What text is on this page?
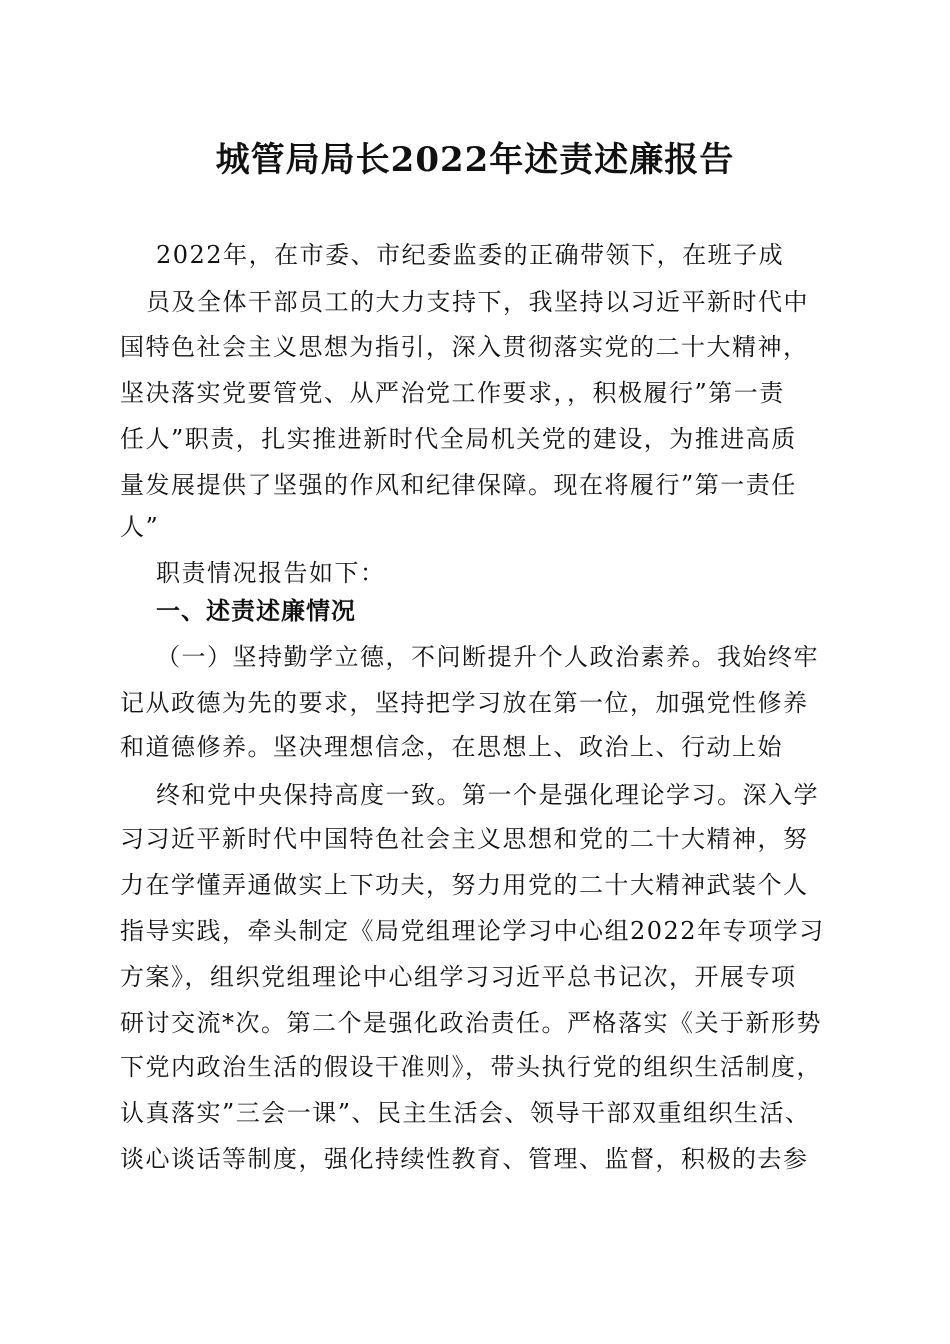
城管局局长2022年述责述廉报告
2022年，在市委、市纪委监委的正确带领下，在班子成
员及全体干部员工的大力支持下，我坚持以习近平新时代中
国特色社会主义思想为指引，深入贯彻落实党的二十大精神，
坚决落实党要管党、从严治党工作要求，，积极履行”第一责
任人”职责，扎实推进新时代全局机关党的建设，为推进高质
量发展提供了坚强的作风和纪律保障。现在将履行”第一责任
人”
职责情况报告如下：
一、述责述廉情况
（一）坚持勤学立德，不问断提升个人政治素养。我始终牢
记从政德为先的要求，坚持把学习放在第一位，加强党性修养
和道德修养。坚决理想信念，在思想上、政治上、行动上始
终和党中央保持高度一致。第一个是强化理论学习。深入学
习习近平新时代中国特色社会主义思想和党的二十大精神，努
力在学懂弄通做实上下功夫，努力用党的二十大精神武装个人
指导实践，牵头制定《局党组理论学习中心组2022年专项学习
方案》，组织党组理论中心组学习习近平总书记次，开展专项
研讨交流*次。第二个是强化政治责任。严格落实《关于新形势
下党内政治生活的假设干准则》，带头执行党的组织生活制度，
认真落实”三会一课”、民主生活会、领导干部双重组织生活、
谈心谈话等制度，强化持续性教育、管理、监督，积极的去参
